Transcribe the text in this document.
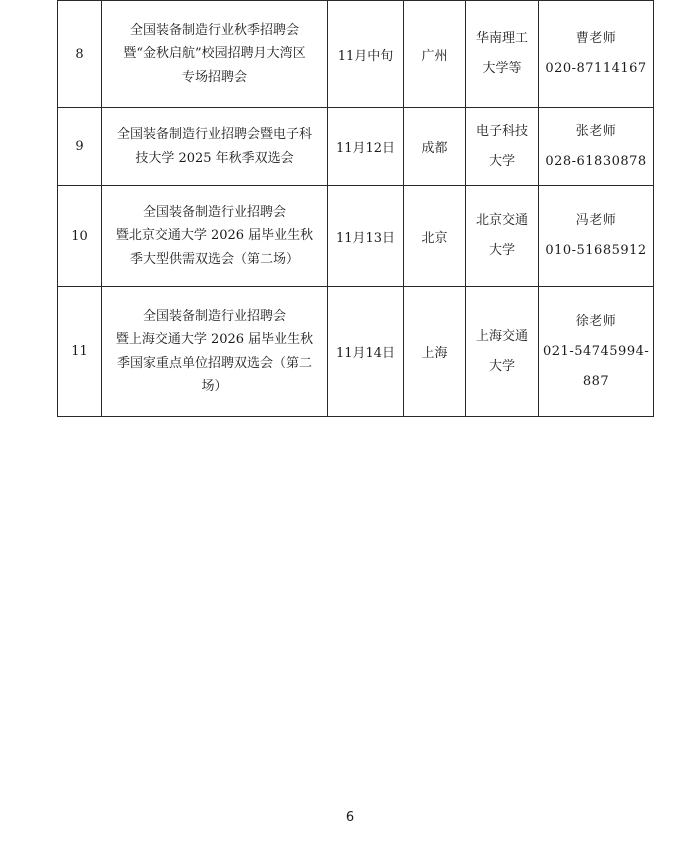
8	全国装备制造行业秋季招聘会
暨“金秋启航”校园招聘月大湾区
专场招聘会	11月中旬	广州	华南理工
大学等	曹老师
020-87114167

9	全国装备制造行业招聘会暨电子科
技大学 2025 年秋季双选会	11月12日	成都	电子科技
大学	张老师
028-61830878

10	全国装备制造行业招聘会
暨北京交通大学 2026 届毕业生秋
季大型供需双选会（第二场）	11月13日	北京	北京交通
大学	冯老师
010-51685912

11	全国装备制造行业招聘会
暨上海交通大学 2026 届毕业生秋
季国家重点单位招聘双选会（第二
场）	11月14日	上海	上海交通
大学	徐老师
021-54745994-
887
6
